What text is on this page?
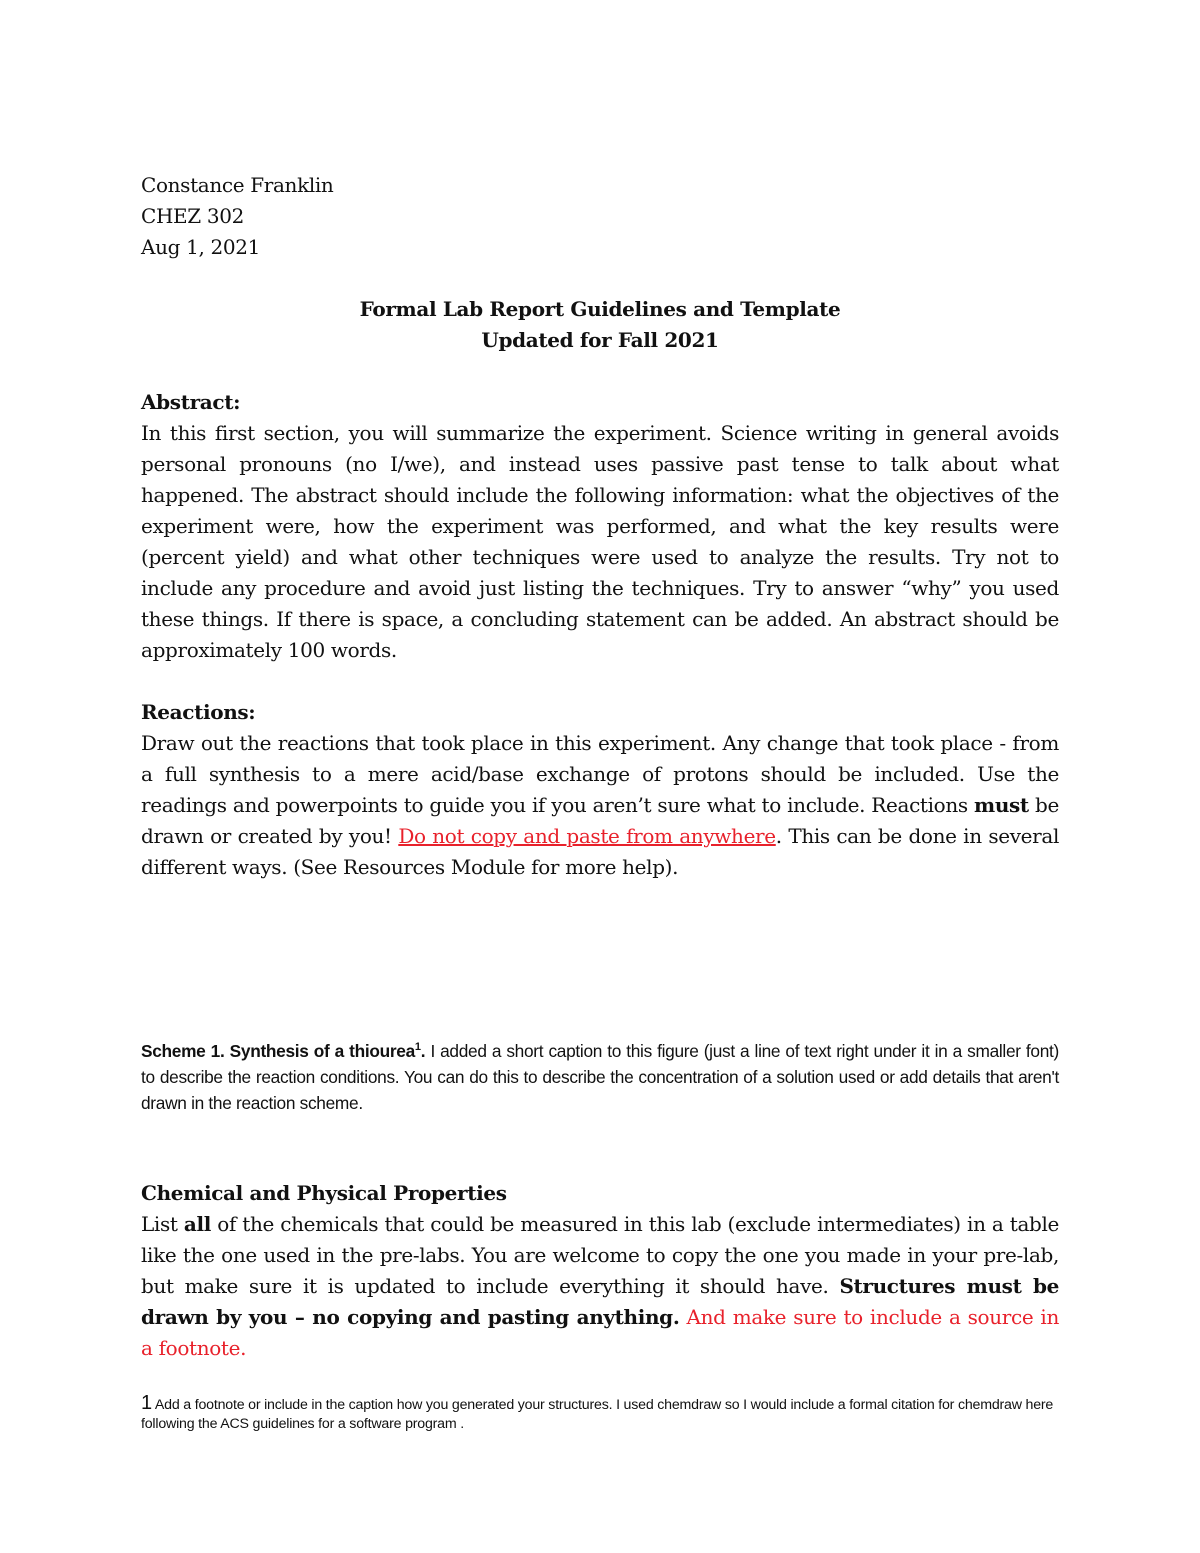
Constance Franklin
CHEZ 302
Aug 1, 2021
Formal Lab Report Guidelines and Template
Updated for Fall 2021
Abstract:

In this first section, you will summarize the experiment. Science writing in general avoids personal pronouns (no I/we), and instead uses passive past tense to talk about what happened. The abstract should include the following information: what the objectives of the experiment were, how the experiment was performed, and what the key results were (percent yield) and what other techniques were used to analyze the results. Try not to include any procedure and avoid just listing the techniques. Try to answer “why” you used these things. If there is space, a concluding statement can be added. An abstract should be approximately 100 words.

Reactions:

Draw out the reactions that took place in this experiment. Any change that took place - from a full synthesis to a mere acid/base exchange of protons should be included. Use the readings and powerpoints to guide you if you aren’t sure what to include. Reactions must be drawn or created by you! Do not copy and paste from anywhere. This can be done in several different ways. (See Resources Module for more help).

Scheme 1. Synthesis of a thiourea$^1$. I added a short caption to this figure (just a line of text right under it in a smaller font) to describe the reaction conditions. You can do this to describe the concentration of a solution used or add details that aren't drawn in the reaction scheme.
Chemical and Physical Properties

List all of the chemicals that could be measured in this lab (exclude intermediates) in a table like the one used in the pre-labs. You are welcome to copy the one you made in your pre-lab, but make sure it is updated to include everything it should have. Structures must be drawn by you – no copying and pasting anything. And make sure to include a source in a footnote.

1 Add a footnote or include in the caption how you generated your structures. I used chemdraw so I would include a formal citation for chemdraw here following the ACS guidelines for a software program .
